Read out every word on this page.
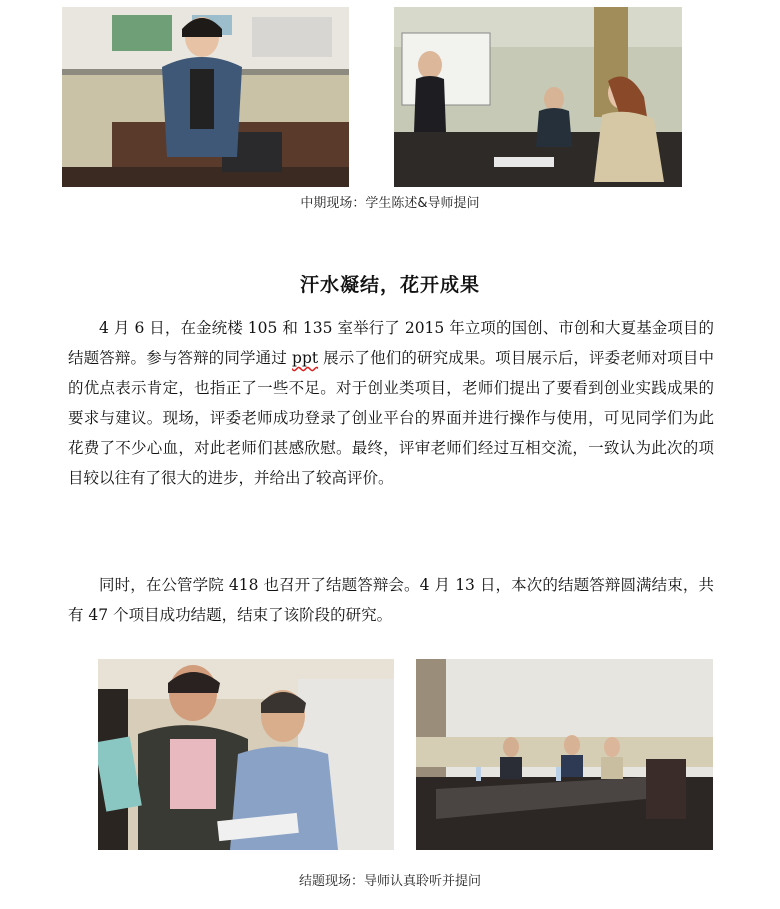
中期现场：学生陈述&导师提问
汗水凝结，花开成果

4 月 6 日，在金统楼 105 和 135 室举行了 2015 年立项的国创、市创和大夏基金项目的结题答辩。参与答辩的同学通过 ppt 展示了他们的研究成果。项目展示后，评委老师对项目中的优点表示肯定，也指正了一些不足。对于创业类项目，老师们提出了要看到创业实践成果的要求与建议。现场，评委老师成功登录了创业平台的界面并进行操作与使用，可见同学们为此花费了不少心血，对此老师们甚感欣慰。最终，评审老师们经过互相交流，一致认为此次的项目较以往有了很大的进步，并给出了较高评价。

同时，在公管学院 418 也召开了结题答辩会。4 月 13 日，本次的结题答辩圆满结束，共有 47 个项目成功结题，结束了该阶段的研究。

结题现场：导师认真聆听并提问
